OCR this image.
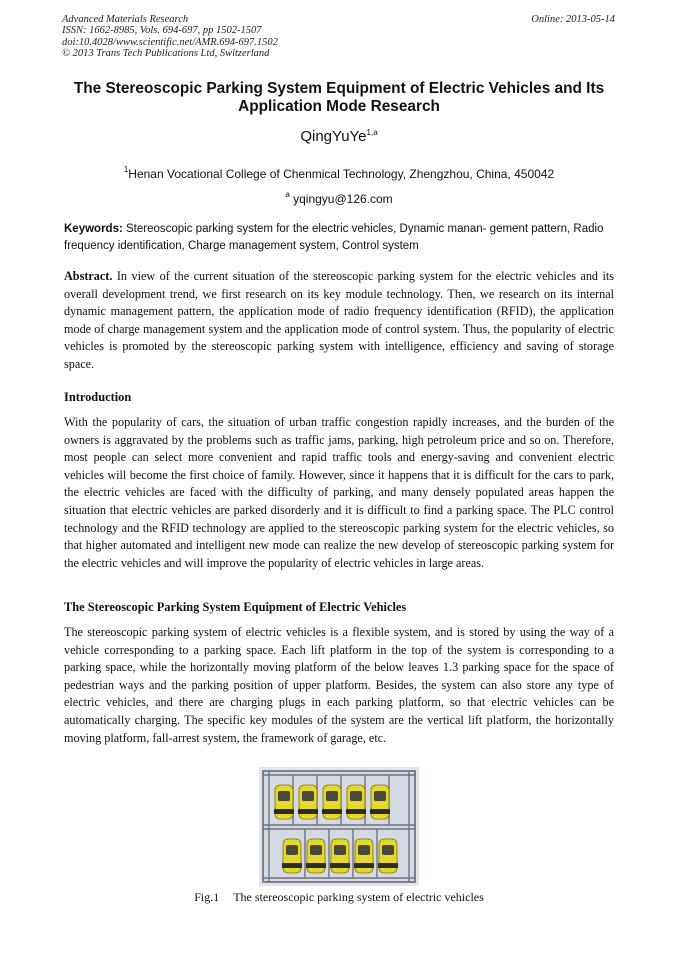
Advanced Materials Research
ISSN: 1662-8985, Vols. 694-697, pp 1502-1507
doi:10.4028/www.scientific.net/AMR.694-697.1502
© 2013 Trans Tech Publications Ltd, Switzerland
Online: 2013-05-14
The Stereoscopic Parking System Equipment of Electric Vehicles and Its
Application Mode Research
QingYuYe$^{1,a}$
$^1$Henan Vocational College of Chenmical Technology, Zhengzhou, China, 450042
$^a$ yqingyu@126.com
Keywords: Stereoscopic parking system for the electric vehicles, Dynamic manan- gement pattern, Radio frequency identification, Charge management system, Control system
Abstract. In view of the current situation of the stereoscopic parking system for the electric vehicles and its overall development trend, we first research on its key module technology. Then, we research on its internal dynamic management pattern, the application mode of radio frequency identification (RFID), the application mode of charge management system and the application mode of control system. Thus, the popularity of electric vehicles is promoted by the stereoscopic parking system with intelligence, efficiency and saving of storage space.
Introduction
With the popularity of cars, the situation of urban traffic congestion rapidly increases, and the burden of the owners is aggravated by the problems such as traffic jams, parking, high petroleum price and so on. Therefore, most people can select more convenient and rapid traffic tools and energy-saving and convenient electric vehicles will become the first choice of family. However, since it happens that it is difficult for the cars to park, the electric vehicles are faced with the difficulty of parking, and many densely populated areas happen the situation that electric vehicles are parked disorderly and it is difficult to find a parking space. The PLC control technology and the RFID technology are applied to the stereoscopic parking system for the electric vehicles, so that higher automated and intelligent new mode can realize the new develop of stereoscopic parking system for the electric vehicles and will improve the popularity of electric vehicles in large areas.
The Stereoscopic Parking System Equipment of Electric Vehicles
The stereoscopic parking system of electric vehicles is a flexible system, and is stored by using the way of a vehicle corresponding to a parking space. Each lift platform in the top of the system is corresponding to a parking space, while the horizontally moving platform of the below leaves 1.3 parking space for the space of pedestrian ways and the parking position of upper platform. Besides, the system can also store any type of electric vehicles, and there are charging plugs in each parking platform, so that electric vehicles can be automatically charging. The specific key modules of the system are the vertical lift platform, the horizontally moving platform, fall-arrest system, the framework of garage, etc.
Fig.1 The stereoscopic parking system of electric vehicles
